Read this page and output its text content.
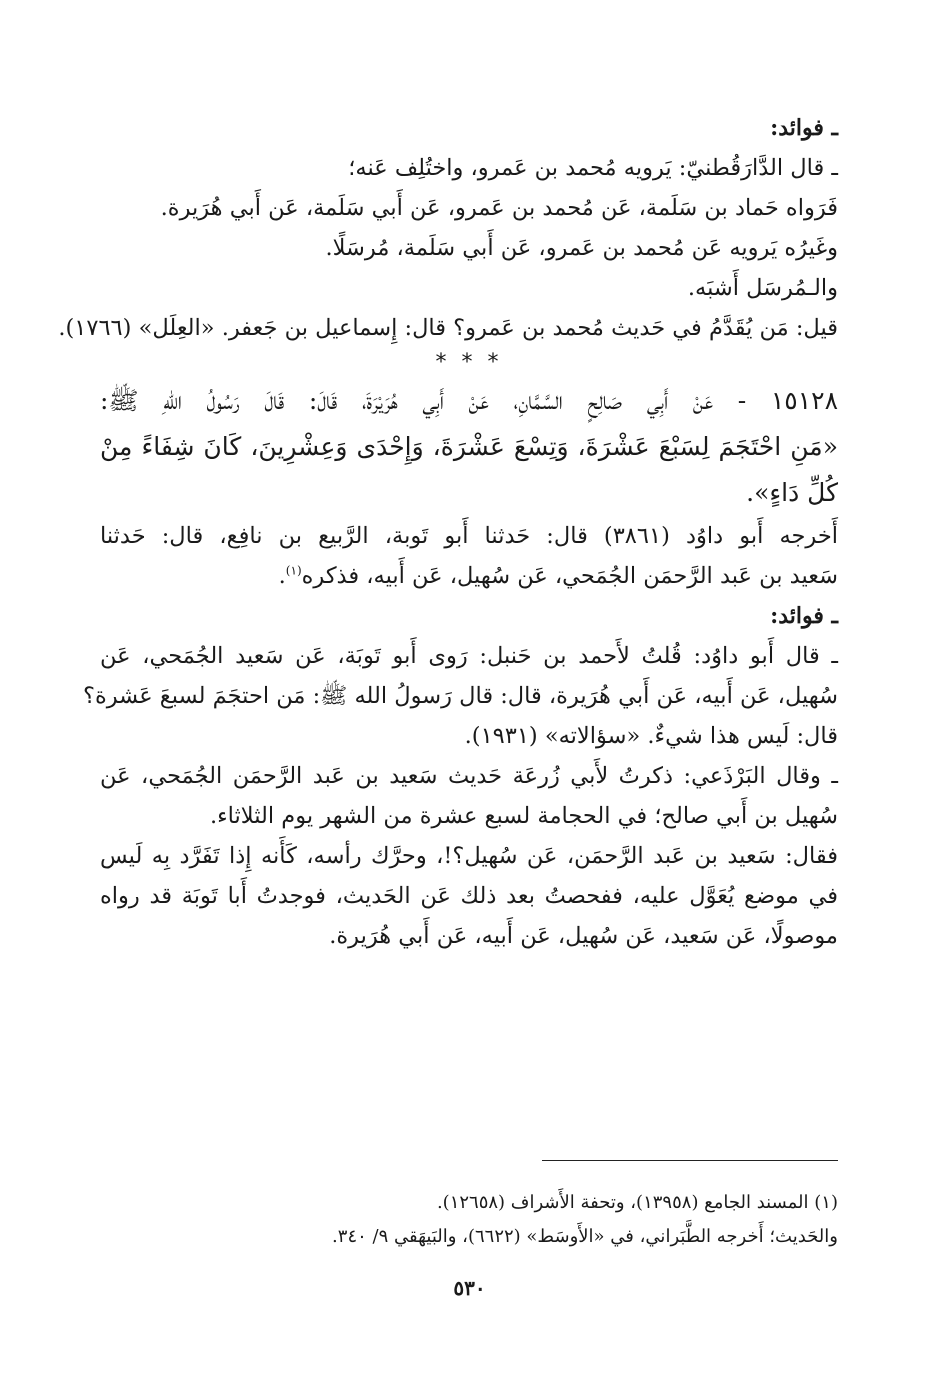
ـ فوائد:
ـ قال الدَّارَقُطنيّ: يَرويه مُحمد بن عَمرو، واختُلِف عَنه؛
فَرَواه حَماد بن سَلَمة، عَن مُحمد بن عَمرو، عَن أَبي سَلَمة، عَن أَبي هُرَيرة.
وغَيرُه يَرويه عَن مُحمد بن عَمرو، عَن أَبي سَلَمة، مُرسَلًا.
والـمُرسَل أَشبَه.
قيل: مَن يُقَدَّمُ في حَديث مُحمد بن عَمرو؟ قال: إِسماعيل بن جَعفر. «العِلَل» (١٧٦٦).
* * *
١٥١٢٨ - عَنْ أَبِي صَالِحٍ السَّمَّانِ، عَنْ أَبِي هُرَيْرَةَ، قَالَ: قَالَ رَسُولُ اللهِ ﷺ:
«مَنِ احْتَجَمَ لِسَبْعَ عَشْرَةَ، وَتِسْعَ عَشْرَةَ، وَإِحْدَى وَعِشْرِينَ، كَانَ شِفَاءً مِنْ
كُلِّ دَاءٍ».
أَخرجه أَبو داوُد (٣٨٦١) قال: حَدثنا أَبو تَوبة، الرَّبيع بن نافِع، قال: حَدثنا
سَعيد بن عَبد الرَّحمَن الجُمَحي، عَن سُهيل، عَن أَبيه، فذكره$^{(١)}$.
ـ فوائد:
ـ قال أَبو داوُد: قُلتُ لأَحمد بن حَنبل: رَوى أَبو تَوبَة، عَن سَعيد الجُمَحي، عَن
سُهيل، عَن أَبيه، عَن أَبي هُرَيرة، قال: قال رَسولُ الله ﷺ: مَن احتجَمَ لسبعَ عَشرة؟
قال: لَيس هذا شيءٌ. «سؤالاته» (١٩٣١).
ـ وقال البَرْذَعي: ذكرتُ لأَبي زُرعَة حَديث سَعيد بن عَبد الرَّحمَن الجُمَحي، عَن
سُهيل بن أَبي صالح؛ في الحجامة لسبع عشرة من الشهر يوم الثلاثاء.
فقال: سَعيد بن عَبد الرَّحمَن، عَن سُهيل؟!، وحرَّك رأسه، كَأَنه إِذا تَفَرَّد بِه لَيس
في موضع يُعَوَّل عليه، ففحصتُ بعد ذلك عَن الحَديث، فوجدتُ أَبا تَوبَة قد رواه
موصولًا، عَن سَعيد، عَن سُهيل، عَن أَبيه، عَن أَبي هُرَيرة.
(١) المسند الجامع (١٣٩٥٨)، وتحفة الأَشراف (١٢٦٥٨).
والحَديث؛ أَخرجه الطَّبَراني، في «الأَوسَط» (٦٦٢٢)، والبَيهَقي ٩/ ٣٤٠.
٥٣٠
